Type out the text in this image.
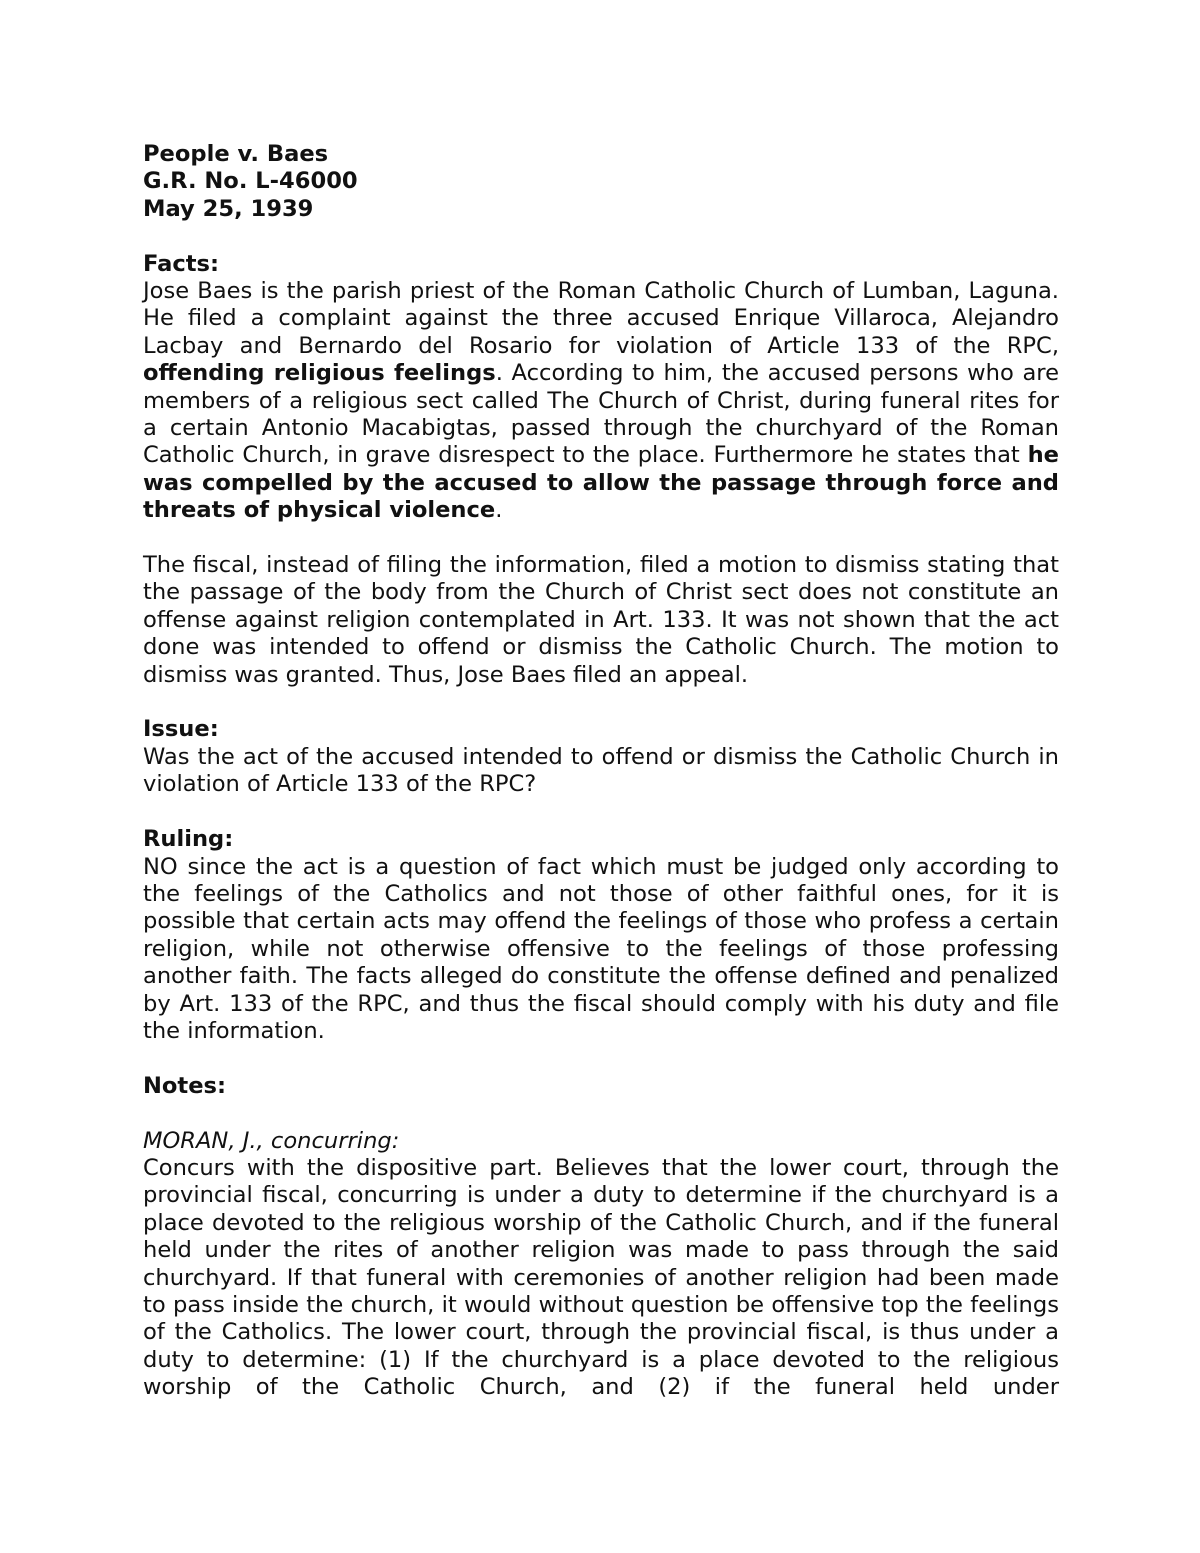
People v. Baes
G.R. No. L-46000
May 25, 1939
Facts:

Jose Baes is the parish priest of the Roman Catholic Church of Lumban, Laguna. He filed a complaint against the three accused Enrique Villaroca, Alejandro Lacbay and Bernardo del Rosario for violation of Article 133 of the RPC, offending religious feelings. According to him, the accused persons who are members of a religious sect called The Church of Christ, during funeral rites for a certain Antonio Macabigtas, passed through the churchyard of the Roman Catholic Church, in grave disrespect to the place. Furthermore he states that he was compelled by the accused to allow the passage through force and threats of physical violence.

The fiscal, instead of filing the information, filed a motion to dismiss stating that the passage of the body from the Church of Christ sect does not constitute an offense against religion contemplated in Art. 133. It was not shown that the act done was intended to offend or dismiss the Catholic Church. The motion to dismiss was granted. Thus, Jose Baes filed an appeal.

Issue:

Was the act of the accused intended to offend or dismiss the Catholic Church in violation of Article 133 of the RPC?

Ruling:

NO since the act is a question of fact which must be judged only according to the feelings of the Catholics and not those of other faithful ones, for it is possible that certain acts may offend the feelings of those who profess a certain religion, while not otherwise offensive to the feelings of those professing another faith. The facts alleged do constitute the offense defined and penalized by Art. 133 of the RPC, and thus the fiscal should comply with his duty and file the information.

Notes:
MORAN, J., concurring:

Concurs with the dispositive part. Believes that the lower court, through the provincial fiscal, concurring is under a duty to determine if the churchyard is a place devoted to the religious worship of the Catholic Church, and if the funeral held under the rites of another religion was made to pass through the said churchyard. If that funeral with ceremonies of another religion had been made to pass inside the church, it would without question be offensive top the feelings of the Catholics. The lower court, through the provincial fiscal, is thus under a duty to determine: (1) If the churchyard is a place devoted to the religious worship of the Catholic Church, and (2) if the funeral held under
